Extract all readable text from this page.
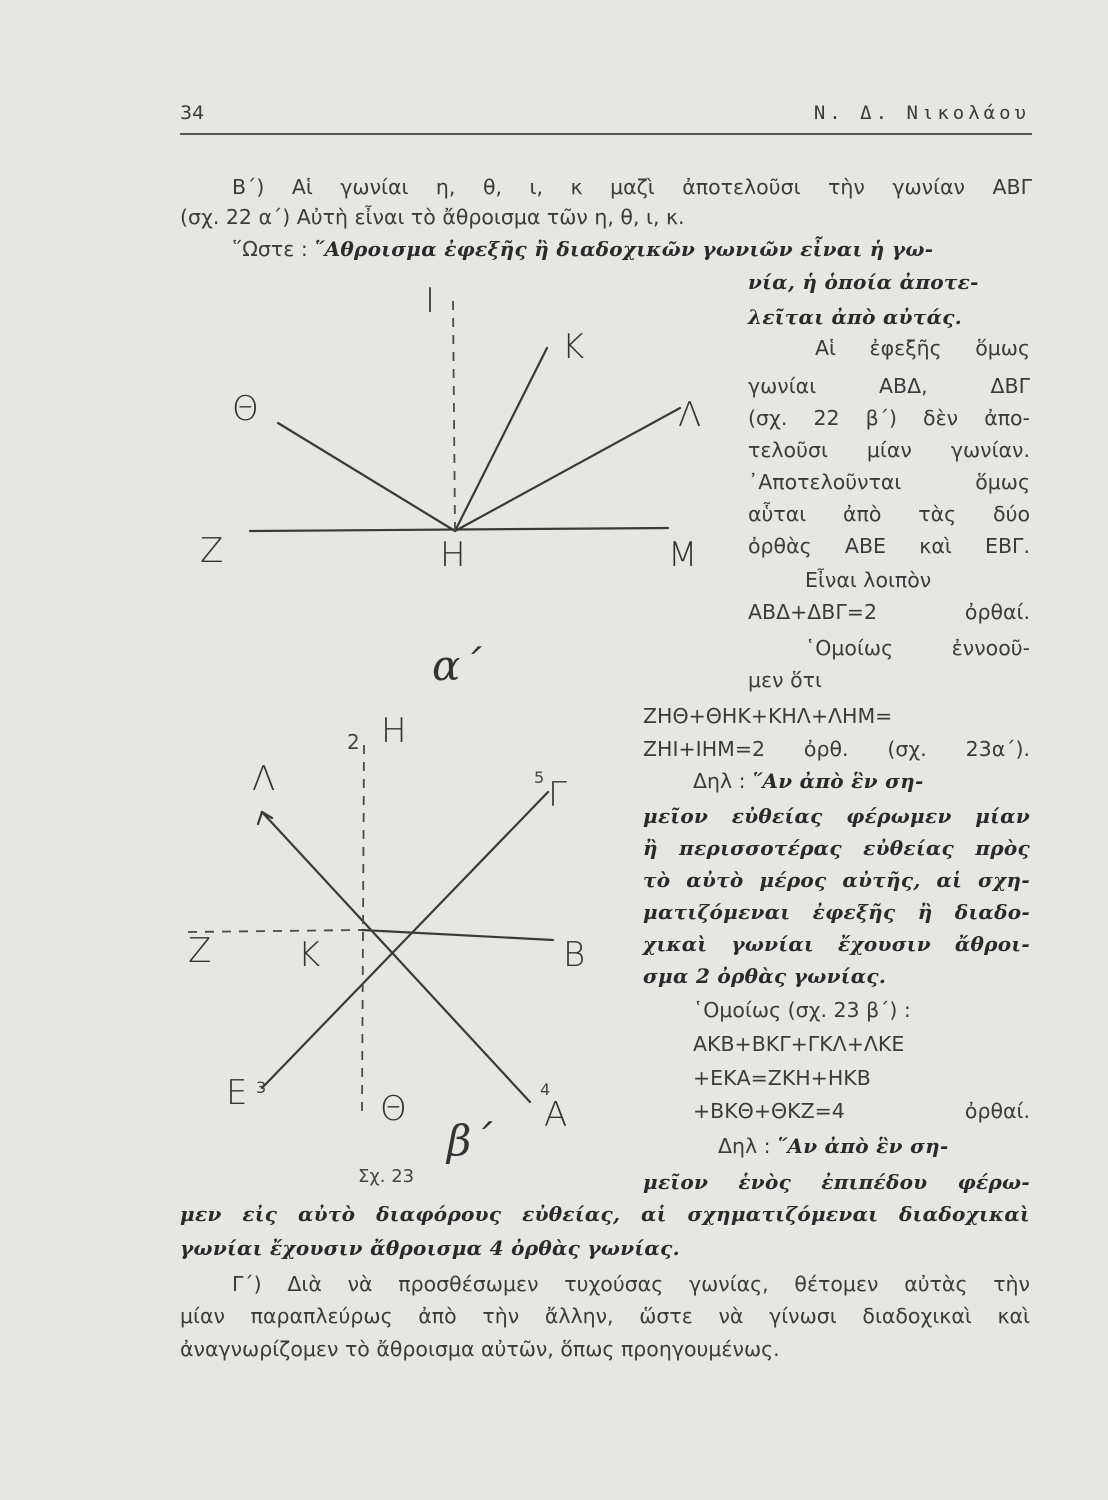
34	Ν. Δ. Νικολάου
Β΄) Αἱ γωνίαι η, θ, ι, κ μαζὶ ἀποτελοῦσι τὴν γωνίαν ΑΒΓ
(σχ. 22 α΄) Αὐτὴ εἶναι τὸ ἄθροισμα τῶν η, θ, ι, κ.
῞Ωστε : ῞Αθροισμα ἐφεξῆς ἢ διαδοχικῶν γωνιῶν εἶναι ἡ γω-
νία, ἡ ὁποία ἀποτε-
λεῖται ἀπὸ αὐτάς.
Αἱ ἐφεξῆς ὅμως
γωνίαι ΑΒΔ, ΔΒΓ
(σχ. 22 β΄) δὲν ἀπο-
τελοῦσι μίαν γωνίαν.
᾿Αποτελοῦνται ὅμως
αὗται ἀπὸ τὰς δύο
ὀρθὰς ΑΒΕ καὶ ΕΒΓ.
Εἶναι λοιπὸν
ΑΒΔ+ΔΒΓ=2 ὀρθαί.
῾Ομοίως ἐννοοῦ-
μεν ὅτι
ΖΗΘ+ΘΗΚ+ΚΗΛ+ΛΗΜ=
ΖΗΙ+ΙΗΜ=2 ὀρθ. (σχ. 23α΄).
Δηλ : ῞Αν ἀπὸ ἓν ση-
μεῖον εὐθείας φέρωμεν μίαν
ἢ περισσοτέρας εὐθείας πρὸς
τὸ αὐτὸ μέρος αὐτῆς, αἱ σχη-
ματιζόμεναι ἐφεξῆς ἢ διαδο-
χικαὶ γωνίαι ἔχουσιν ἄθροι-
σμα 2 ὀρθὰς γωνίας.
῾Ομοίως (σχ. 23 β΄) :
ΑΚΒ+ΒΚΓ+ΓΚΛ+ΛΚΕ
+ΕΚΑ=ΖΚΗ+ΗΚΒ
+ΒΚΘ+ΘΚΖ=4 ὀρθαί.
Δηλ : ῞Αν ἀπὸ ἓν ση-
μεῖον ἑνὸς ἐπιπέδου φέρω-
μεν εἰς αὐτὸ διαφόρους εὐθείας, αἱ σχηματιζόμεναι διαδοχικαὶ
γωνίαι ἔχουσιν ἄθροισμα 4 ὀρθὰς γωνίας.
Γ΄) Διὰ νὰ προσθέσωμεν τυχούσας γωνίας, θέτομεν αὐτὰς τὴν
μίαν παραπλεύρως ἀπὸ τὴν ἄλλην, ὥστε νὰ γίνωσι διαδοχικαὶ καὶ
ἀναγνωρίζομεν τὸ ἄθροισμα αὐτῶν, ὅπως προηγουμένως.
Ι
Κ
Θ	Λ
Ζ	Η	Μ
α΄
Η
2
Λ	5 Γ
Ζ	Κ	Β
Ε 3
Θ	4
Α
β΄
Σχ. 23
